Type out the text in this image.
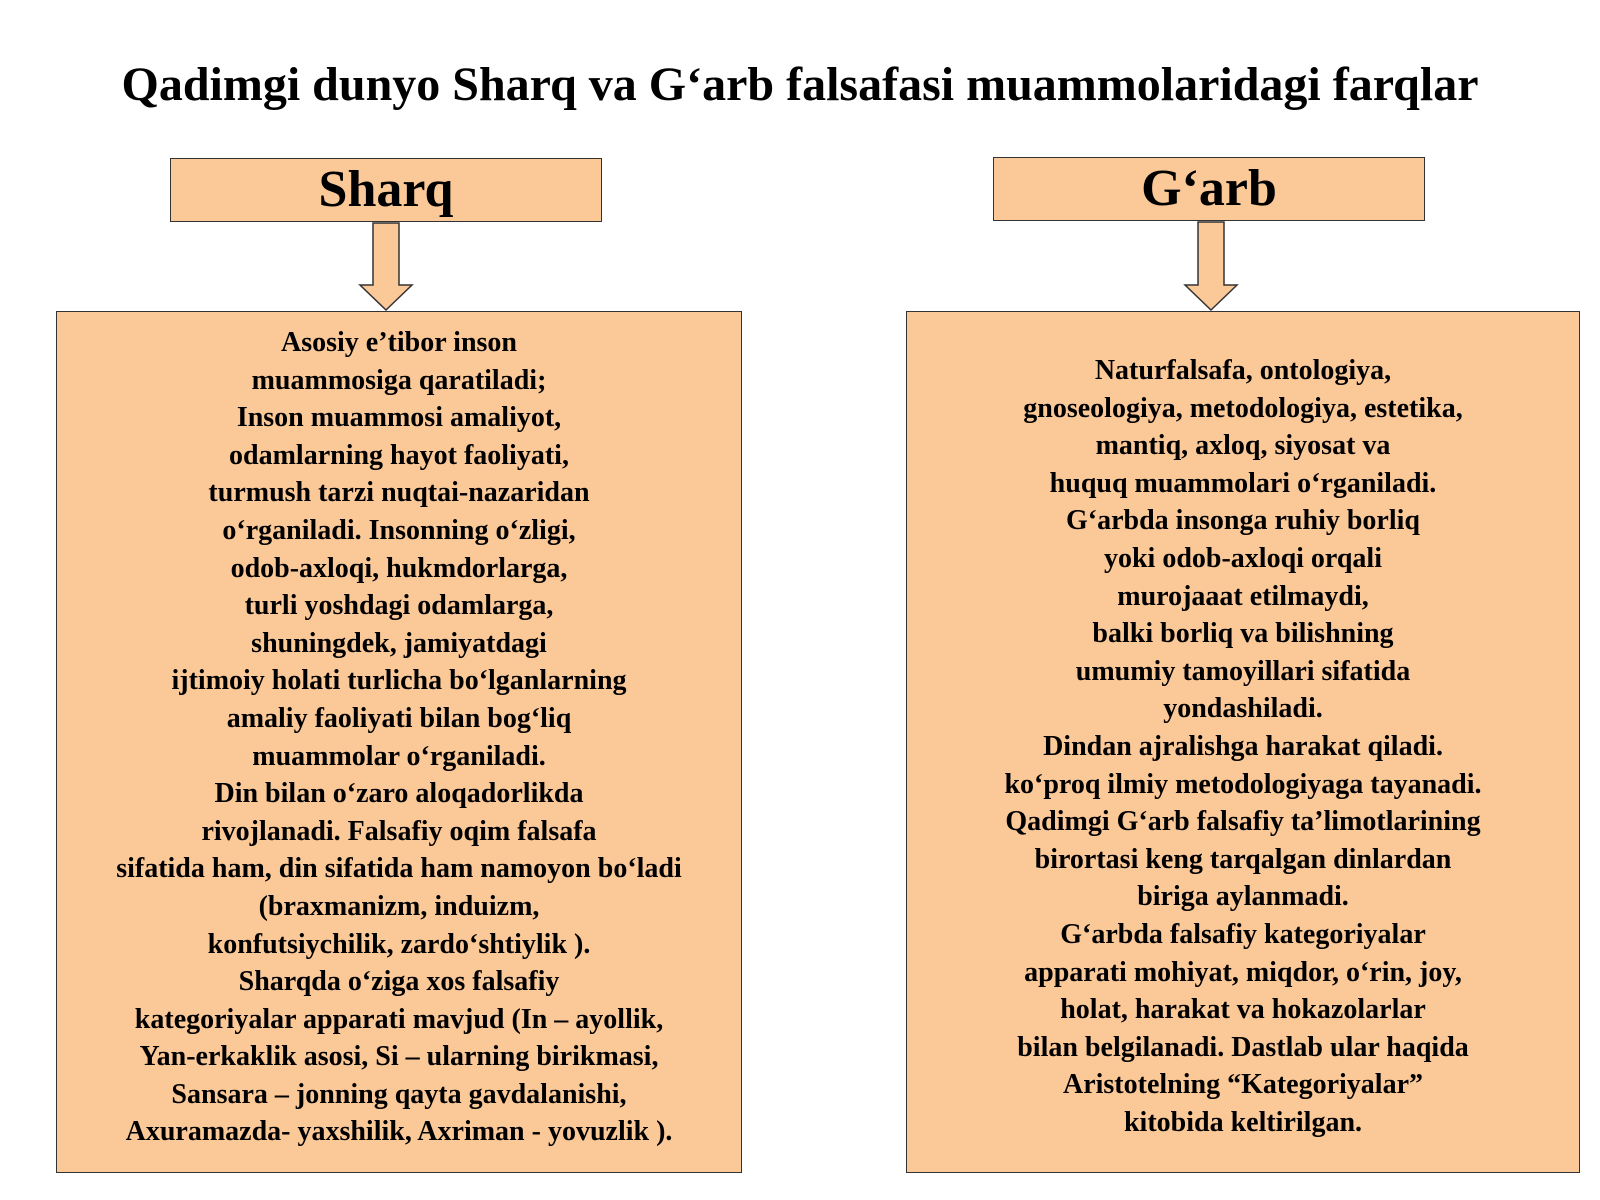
Qadimgi dunyo Sharq va G‘arb falsafasi muammolaridagi farqlar
Sharq	G‘arb
Asosiy e’tibor inson
muammosiga qaratiladi;
Inson muammosi amaliyot,
odamlarning hayot faoliyati,
turmush tarzi nuqtai-nazaridan
o‘rganiladi. Insonning o‘zligi,
odob-axloqi, hukmdorlarga,
turli yoshdagi odamlarga,
shuningdek, jamiyatdagi
ijtimoiy holati turlicha bo‘lganlarning
amaliy faoliyati bilan bog‘liq
muammolar o‘rganiladi.
Din bilan o‘zaro aloqadorlikda
rivojlanadi. Falsafiy oqim falsafa
sifatida ham, din sifatida ham namoyon bo‘ladi
(braxmanizm, induizm,
konfutsiychilik, zardo‘shtiylik ).
Sharqda o‘ziga xos falsafiy
kategoriyalar apparati mavjud (In – ayollik,
Yan-erkaklik asosi, Si – ularning birikmasi,
Sansara – jonning qayta gavdalanishi,
Axuramazda- yaxshilik, Axriman - yovuzlik ).
Naturfalsafa, ontologiya,
gnoseologiya, metodologiya, estetika,
mantiq, axloq, siyosat va
huquq muammolari o‘rganiladi.
G‘arbda insonga ruhiy borliq
yoki odob-axloqi orqali
murojaaat etilmaydi,
balki borliq va bilishning
umumiy tamoyillari sifatida
yondashiladi.
Dindan ajralishga harakat qiladi.
ko‘proq ilmiy metodologiyaga tayanadi.
Qadimgi G‘arb falsafiy ta’limotlarining
birortasi keng tarqalgan dinlardan
biriga aylanmadi.
G‘arbda falsafiy kategoriyalar
apparati mohiyat, miqdor, o‘rin, joy,
holat, harakat va hokazolarlar
bilan belgilanadi. Dastlab ular haqida
Aristotelning “Kategoriyalar”
kitobida keltirilgan.
